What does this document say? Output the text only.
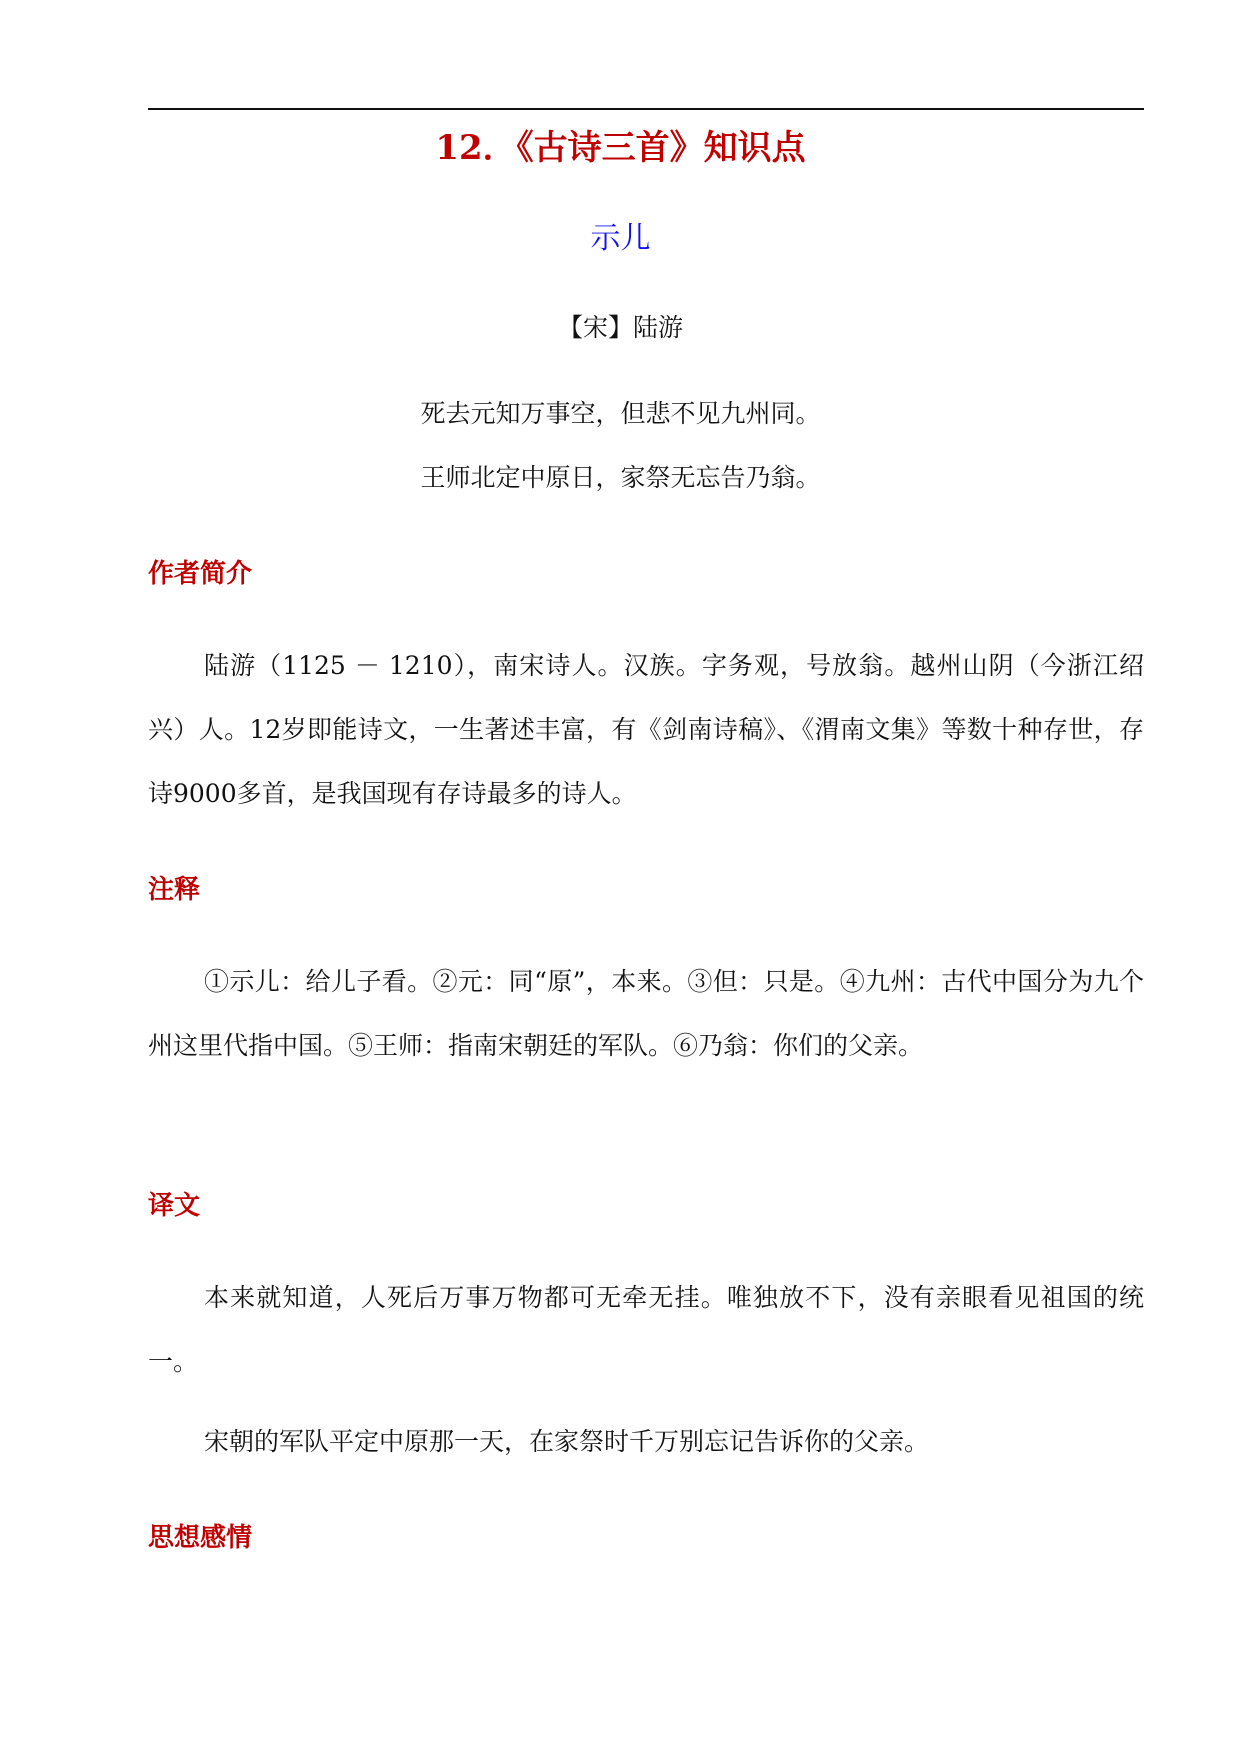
12．《古诗三首》知识点
示儿
【宋】陆游
死去元知万事空，但悲不见九州同。
王师北定中原日，家祭无忘告乃翁。
作者简介

陆游（1125 － 1210），南宋诗人。汉族。字务观，号放翁。越州山阴（今浙江绍兴）人。12岁即能诗文，一生著述丰富，有《剑南诗稿》、《渭南文集》等数十种存世，存诗9000多首，是我国现有存诗最多的诗人。

注释

①示儿：给儿子看。②元：同“原”，本来。③但：只是。④九州：古代中国分为九个州这里代指中国。⑤王师：指南宋朝廷的军队。⑥乃翁：你们的父亲。

译文

本来就知道，人死后万事万物都可无牵无挂。唯独放不下，没有亲眼看见祖国的统一。

宋朝的军队平定中原那一天，在家祭时千万别忘记告诉你的父亲。

思想感情
